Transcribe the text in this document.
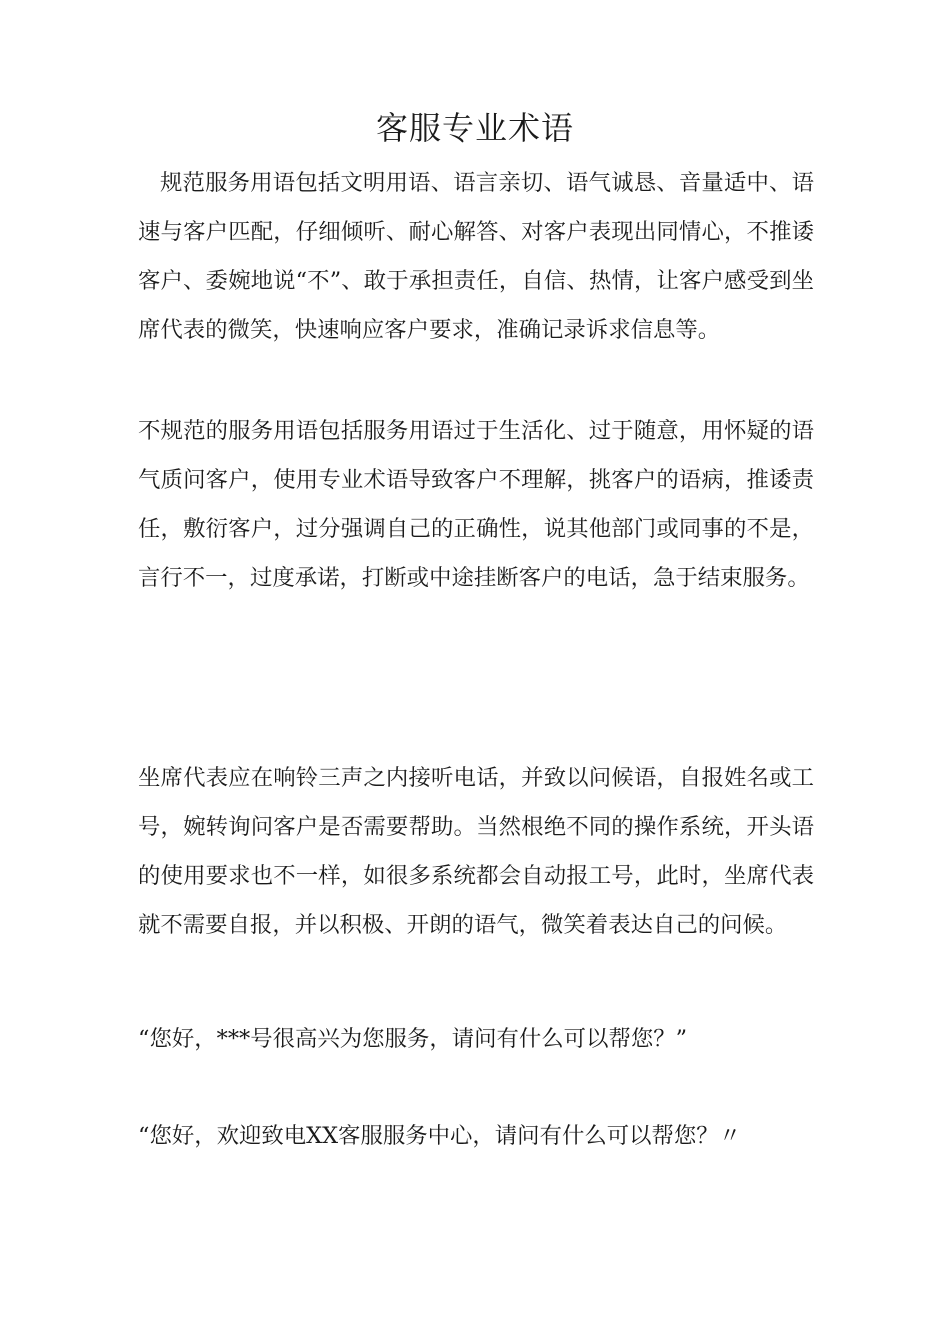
客服专业术语

规范服务用语包括文明用语、语言亲切、语气诚恳、音量适中、语速与客户匹配，仔细倾听、耐心解答、对客户表现出同情心，不推诿客户、委婉地说“不”、敢于承担责任，自信、热情，让客户感受到坐席代表的微笑，快速响应客户要求，准确记录诉求信息等。

不规范的服务用语包括服务用语过于生活化、过于随意，用怀疑的语气质问客户，使用专业术语导致客户不理解，挑客户的语病，推诿责任，敷衍客户，过分强调自己的正确性，说其他部门或同事的不是，言行不一，过度承诺，打断或中途挂断客户的电话，急于结束服务。

坐席代表应在响铃三声之内接听电话，并致以问候语，自报姓名或工号，婉转询问客户是否需要帮助。当然根绝不同的操作系统，开头语的使用要求也不一样，如很多系统都会自动报工号，此时，坐席代表就不需要自报，并以积极、开朗的语气，微笑着表达自己的问候。

“您好，***号很高兴为您服务，请问有什么可以帮您？”

“您好，欢迎致电XX客服服务中心，请问有什么可以帮您？〃
